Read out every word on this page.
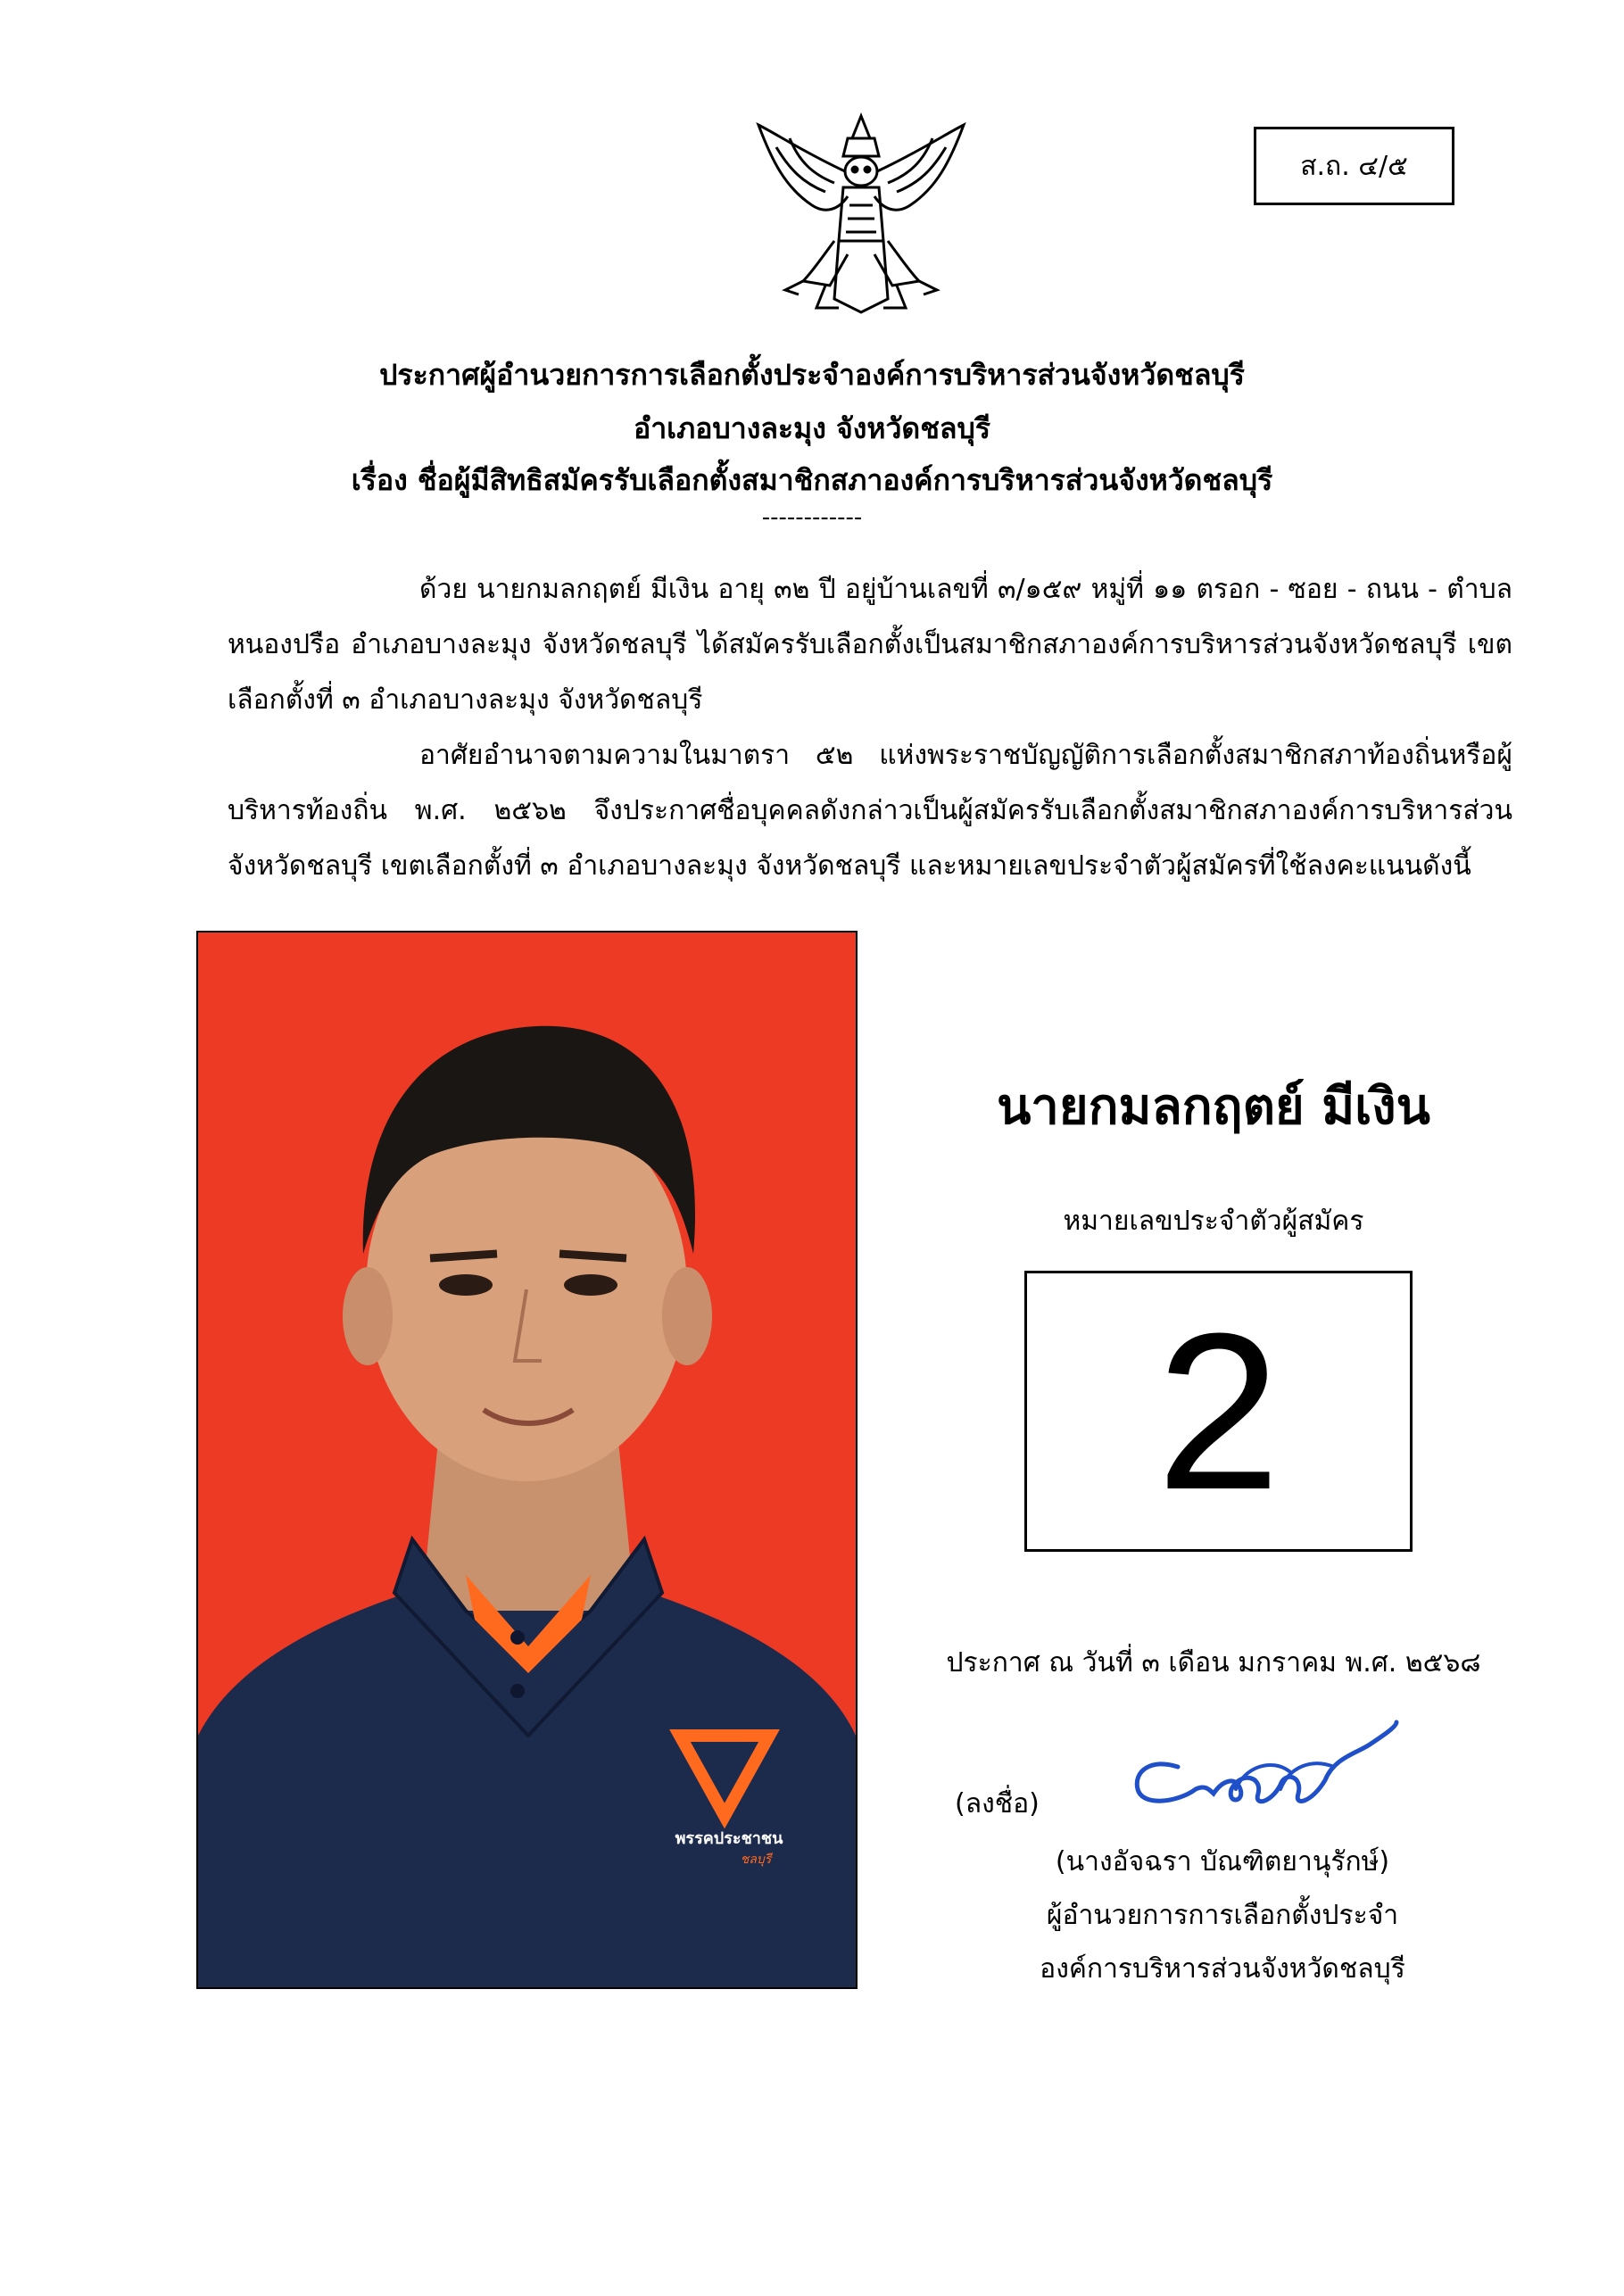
ส.ถ. ๔/๕
ประกาศผู้อำนวยการการเลือกตั้งประจำองค์การบริหารส่วนจังหวัดชลบุรี
อำเภอบางละมุง จังหวัดชลบุรี
เรื่อง ชื่อผู้มีสิทธิสมัครรับเลือกตั้งสมาชิกสภาองค์การบริหารส่วนจังหวัดชลบุรี
------------

ด้วย นายกมลกฤตย์ มีเงิน อายุ ๓๒ ปี อยู่บ้านเลขที่ ๓/๑๕๙ หมู่ที่ ๑๑ ตรอก - ซอย - ถนน - ตำบลหนองปรือ อำเภอบางละมุง จังหวัดชลบุรี ได้สมัครรับเลือกตั้งเป็นสมาชิกสภาองค์การบริหารส่วนจังหวัดชลบุรี เขตเลือกตั้งที่ ๓ อำเภอบางละมุง จังหวัดชลบุรี

อาศัยอำนาจตามความในมาตรา ๕๒ แห่งพระราชบัญญัติการเลือกตั้งสมาชิกสภาท้องถิ่นหรือผู้บริหารท้องถิ่น พ.ศ. ๒๕๖๒ จึงประกาศชื่อบุคคลดังกล่าวเป็นผู้สมัครรับเลือกตั้งสมาชิกสภาองค์การบริหารส่วนจังหวัดชลบุรี เขตเลือกตั้งที่ ๓ อำเภอบางละมุง จังหวัดชลบุรี และหมายเลขประจำตัวผู้สมัครที่ใช้ลงคะแนนดังนี้

พรรคประชาชน
ชลบุรี
นายกมลกฤตย์ มีเงิน
หมายเลขประจำตัวผู้สมัคร
2
ประกาศ ณ วันที่ ๓ เดือน มกราคม พ.ศ. ๒๕๖๘
(ลงชื่อ)
(นางอัจฉรา บัณฑิตยานุรักษ์)
ผู้อำนวยการการเลือกตั้งประจำ
องค์การบริหารส่วนจังหวัดชลบุรี
